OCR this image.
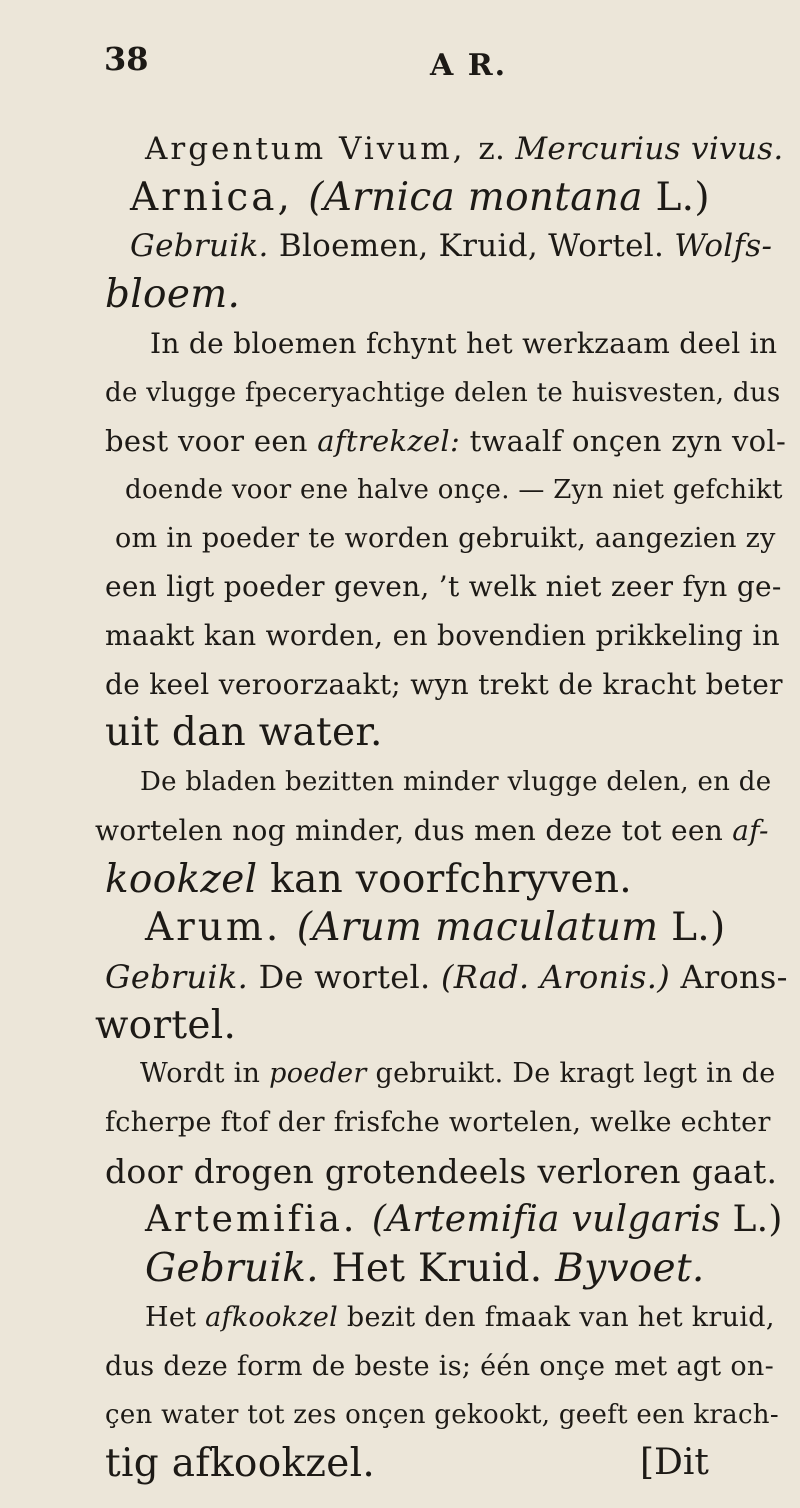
38	A R.
Argentum Vivum, z. Mercurius vivus.
Arnica, (Arnica montana L.)
Gebruik. Bloemen, Kruid, Wortel. Wolfs-
bloem.
In de bloemen fchynt het werkzaam deel in
de vlugge fpeceryachtige delen te huisvesten, dus
best voor een aftrekzel: twaalf onçen zyn vol-
doende voor ene halve onçe. — Zyn niet gefchikt
om in poeder te worden gebruikt, aangezien zy
een ligt poeder geven, ’t welk niet zeer fyn ge-
maakt kan worden, en bovendien prikkeling in
de keel veroorzaakt; wyn trekt de kracht beter
uit dan water.
De bladen bezitten minder vlugge delen, en de
wortelen nog minder, dus men deze tot een af-
kookzel kan voorfchryven.
Arum. (Arum maculatum L.)
Gebruik. De wortel. (Rad. Aronis.) Arons-
wortel.
Wordt in poeder gebruikt. De kragt legt in de
fcherpe ftof der frisfche wortelen, welke echter
door drogen grotendeels verloren gaat.
Artemifia. (Artemifia vulgaris L.)
Gebruik. Het Kruid. Byvoet.
Het afkookzel bezit den fmaak van het kruid,
dus deze form de beste is; één onçe met agt on-
çen water tot zes onçen gekookt, geeft een krach-
tig afkookzel.	[Dit
